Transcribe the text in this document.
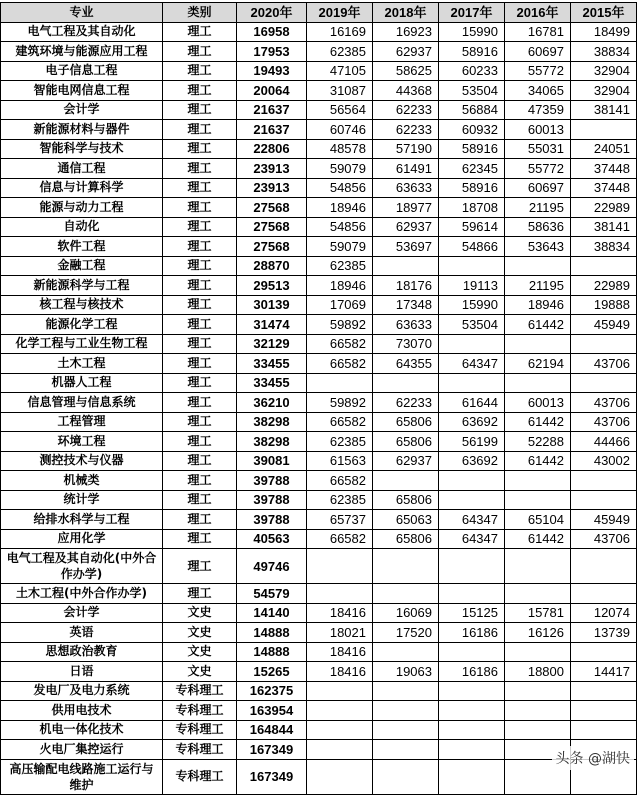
专业	类别	2020年	2019年	2018年	2017年	2016年	2015年
电气工程及其自动化	理工	16958	16169	16923	15990	16781	18499
建筑环境与能源应用工程	理工	17953	62385	62937	58916	60697	38834
电子信息工程	理工	19493	47105	58625	60233	55772	32904
智能电网信息工程	理工	20064	31087	44368	53504	34065	32904
会计学	理工	21637	56564	62233	56884	47359	38141
新能源材料与器件	理工	21637	60746	62233	60932	60013	
智能科学与技术	理工	22806	48578	57190	58916	55031	24051
通信工程	理工	23913	59079	61491	62345	55772	37448
信息与计算科学	理工	23913	54856	63633	58916	60697	37448
能源与动力工程	理工	27568	18946	18977	18708	21195	22989
自动化	理工	27568	54856	62937	59614	58636	38141
软件工程	理工	27568	59079	53697	54866	53643	38834
金融工程	理工	28870	62385				
新能源科学与工程	理工	29513	18946	18176	19113	21195	22989
核工程与核技术	理工	30139	17069	17348	15990	18946	19888
能源化学工程	理工	31474	59892	63633	53504	61442	45949
化学工程与工业生物工程	理工	32129	66582	73070			
土木工程	理工	33455	66582	64355	64347	62194	43706
机器人工程	理工	33455					
信息管理与信息系统	理工	36210	59892	62233	61644	60013	43706
工程管理	理工	38298	66582	65806	63692	61442	43706
环境工程	理工	38298	62385	65806	56199	52288	44466
测控技术与仪器	理工	39081	61563	62937	63692	61442	43002
机械类	理工	39788	66582				
统计学	理工	39788	62385	65806			
给排水科学与工程	理工	39788	65737	65063	64347	65104	45949
应用化学	理工	40563	66582	65806	64347	61442	43706
电气工程及其自动化(中外合作办学)	理工	49746					
土木工程(中外合作办学)	理工	54579					
会计学	文史	14140	18416	16069	15125	15781	12074
英语	文史	14888	18021	17520	16186	16126	13739
思想政治教育	文史	14888	18416				
日语	文史	15265	18416	19063	16186	18800	14417
发电厂及电力系统	专科理工	162375					
供用电技术	专科理工	163954					
机电一体化技术	专科理工	164844					
火电厂集控运行	专科理工	167349					
高压输配电线路施工运行与维护	专科理工	167349					
头条 @湖快
